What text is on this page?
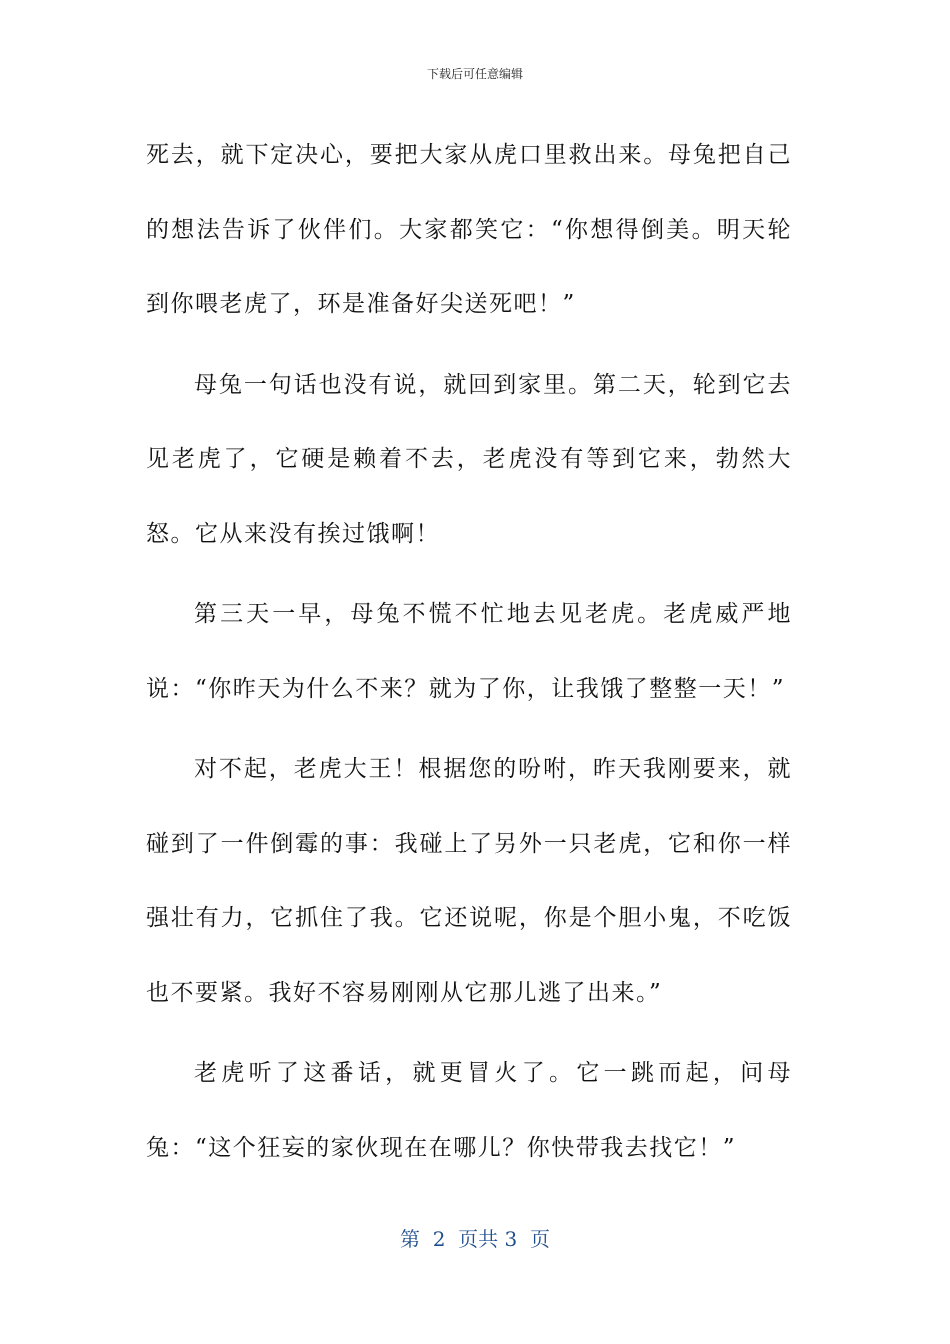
下载后可任意编辑

死去，就下定决心，要把大家从虎口里救出来。母兔把自己的想法告诉了伙伴们。大家都笑它：“你想得倒美。明天轮到你喂老虎了，环是准备好尖送死吧！”

母兔一句话也没有说，就回到家里。第二天，轮到它去见老虎了，它硬是赖着不去，老虎没有等到它来，勃然大怒。它从来没有挨过饿啊！

第三天一早，母兔不慌不忙地去见老虎。老虎威严地说：“你昨天为什么不来？就为了你，让我饿了整整一天！”

对不起，老虎大王！根据您的吩咐，昨天我刚要来，就碰到了一件倒霉的事：我碰上了另外一只老虎，它和你一样强壮有力，它抓住了我。它还说呢，你是个胆小鬼，不吃饭也不要紧。我好不容易刚刚从它那儿逃了出来。”

老虎听了这番话，就更冒火了。它一跳而起，问母兔：“这个狂妄的家伙现在在哪儿？你快带我去找它！”

第  2  页共 3  页
